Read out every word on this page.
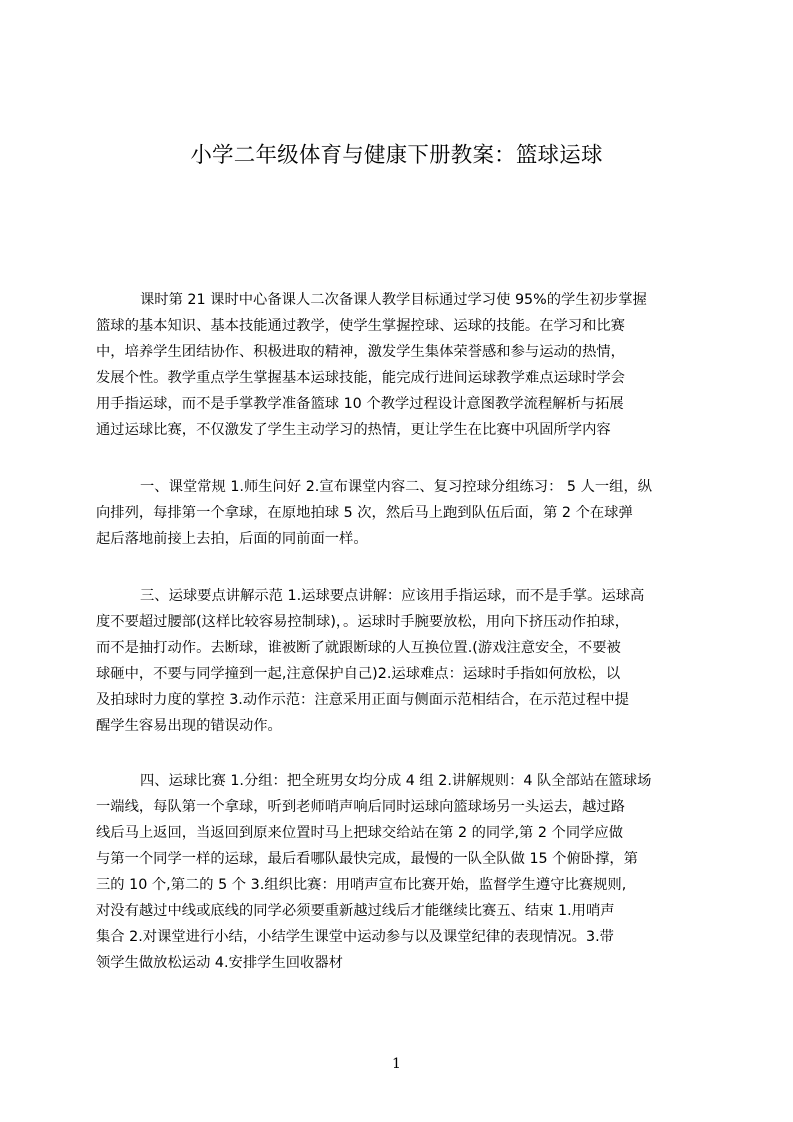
小学二年级体育与健康下册教案：篮球运球

课时第 21 课时中心备课人二次备课人教学目标通过学习使 95%的学生初步掌握
篮球的基本知识、基本技能通过教学，使学生掌握控球、运球的技能。在学习和比赛
中，培养学生团结协作、积极进取的精神，激发学生集体荣誉感和参与运动的热情，
发展个性。教学重点学生掌握基本运球技能，能完成行进间运球教学难点运球时学会
用手指运球，而不是手掌教学准备篮球 10 个教学过程设计意图教学流程解析与拓展
通过运球比赛，不仅激发了学生主动学习的热情，更让学生在比赛中巩固所学内容

一、课堂常规 1.师生问好 2.宣布课堂内容二、复习控球分组练习： 5 人一组，纵
向排列，每排第一个拿球，在原地拍球 5 次，然后马上跑到队伍后面，第 2 个在球弹
起后落地前接上去拍，后面的同前面一样。

三、运球要点讲解示范 1.运球要点讲解：应该用手指运球，而不是手掌。运球高
度不要超过腰部(这样比较容易控制球)，。运球时手腕要放松，用向下挤压动作拍球，
而不是抽打动作。去断球，谁被断了就跟断球的人互换位置.(游戏注意安全，不要被
球砸中，不要与同学撞到一起,注意保护自己)2.运球难点：运球时手指如何放松，以
及拍球时力度的掌控 3.动作示范：注意采用正面与侧面示范相结合，在示范过程中提
醒学生容易出现的错误动作。

四、运球比赛 1.分组：把全班男女均分成 4 组 2.讲解规则：4 队全部站在篮球场
一端线，每队第一个拿球，听到老师哨声响后同时运球向篮球场另一头运去，越过路
线后马上返回，当返回到原来位置时马上把球交给站在第 2 的同学,第 2 个同学应做
与第一个同学一样的运球，最后看哪队最快完成，最慢的一队全队做 15 个俯卧撑，第
三的 10 个,第二的 5 个 3.组织比赛：用哨声宣布比赛开始，监督学生遵守比赛规则,
对没有越过中线或底线的同学必须要重新越过线后才能继续比赛五、结束 1.用哨声
集合 2.对课堂进行小结，小结学生课堂中运动参与以及课堂纪律的表现情况。3.带
领学生做放松运动 4.安排学生回收器材

1
